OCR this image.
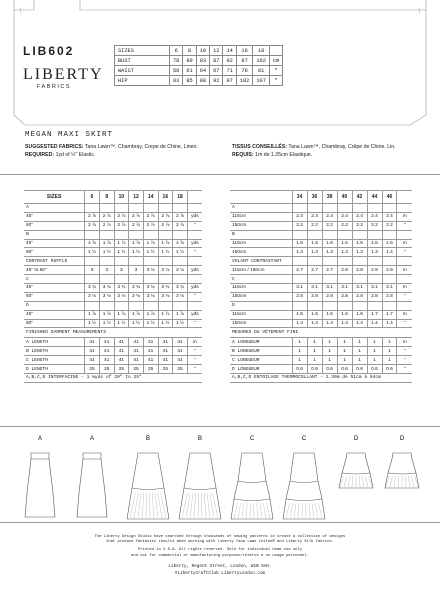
LIB602
LIBERTY
FABRICS
SIZES	6	8	10	12	14	16	18	
BUST	78	80	83	87	92	97	102	cm
WAIST	58	61	64	67	71	76	81	"
HIP	83	85	88	92	97	102	107	"
MEGAN MAXI SKIRT
SUGGESTED FABRICS: Tana Lawn™, Chambray, Crepe de Chine, Linen.
REQUIRED: 1yd of ½" Elastic.
TISSUS CONSEILLÉS: Tana Lawn™, Chambray, Crêpe de Chine, Lin.
REQUIS: 1m de 1.25cm Elastique.
SIZES	6	8	10	12	14	16	18	
A								
45"	2 ⅞	2 ⅞	2 ⅞	2 ⅞	2 ⅞	2 ⅞	2 ⅞	yds
60"	2 ⅞	2 ⅞	2 ⅞	2 ⅞	2 ⅞	2 ⅞	2 ⅞	"
B								
45"	1 ⅞	1 ⅞	1 ⅞	1 ⅞	1 ⅞	1 ⅞	1 ⅞	yds
60"	1 ½	1 ½	1 ½	1 ½	1 ½	1 ½	1 ½	"
CONTRAST RUFFLE								
45" to 60"	3	3	3	3	3 ⅛	3 ⅛	3 ⅛	yds
C								
45"	3 ¾	3 ¾	3 ¾	3 ¾	3 ¾	3 ¾	3 ¾	yds
60"	3 ⅛	3 ⅛	3 ⅛	3 ⅛	3 ⅛	3 ⅛	3 ⅛	"
D								
45"	1 ⅞	1 ⅞	1 ⅞	1 ⅞	1 ⅞	1 ⅞	1 ⅞	yds
60"	1 ½	1 ½	1 ½	1 ½	1 ½	1 ½	1 ½	"
FINISHED GARMENT MEASUREMENTS								
A LENGTH	41	41	41	41	41	41	41	in
B LENGTH	41	41	41	41	41	41	41	"
C LENGTH	41	41	41	41	41	41	41	"
D LENGTH	25	25	25	25	25	25	25	"
A,B,C,D INTERFACING - 1 ⅛yds of 20" to 25"								
	34	36	38	40	42	44	46	
A								
115cm	2.4	2.4	2.4	2.4	2.4	2.4	2.4	m
150cm	2.2	2.2	2.2	2.2	2.2	2.2	2.2	"
B								
115cm	1.6	1.6	1.6	1.6	1.6	1.6	1.6	m
150cm	1.3	1.3	1.3	1.3	1.3	1.3	1.4	"
VOLANT CONTRASTANT								
115cm / 150cm	2.7	2.7	2.7	2.8	2.8	2.9	2.9	m
C								
115cm	3.1	3.1	3.1	3.1	3.1	3.1	3.1	m
150cm	2.8	2.8	2.8	2.8	2.8	2.8	2.8	"
D								
115cm	1.6	1.6	1.6	1.6	1.6	1.7	1.7	m
150cm	1.4	1.4	1.4	1.4	1.4	1.4	1.4	"
MESURES DU VÊTEMENT FINI								
A LONGUEUR	1	1	1	1	1	1	1	m
B LONGUEUR	1	1	1	1	1	1	1	"
C LONGUEUR	1	1	1	1	1	1	1	"
D LONGUEUR	0.6	0.6	0.6	0.6	0.6	0.6	0.6	"
A,B,C,D ENTOILAGE THERMOCOLLANT - 1.30m de 51cm à 64cm								
A	A	B	B	C	C	D	D

The Liberty Design Studio have searched through thousands of sewing patterns to create a collection of designs

that produce fantastic results when working with Liberty Tana Lawn Cotton® and Liberty Silk fabrics.

Printed in U.S.A. All rights reserved. Sold for individual home use only

and not for commercial or manufacturing purposes/reserve à un usage personnel.

Liberty, Regent Street, London, W1B 5AH.

#LibertyCraftClub LibertyLondon.com
